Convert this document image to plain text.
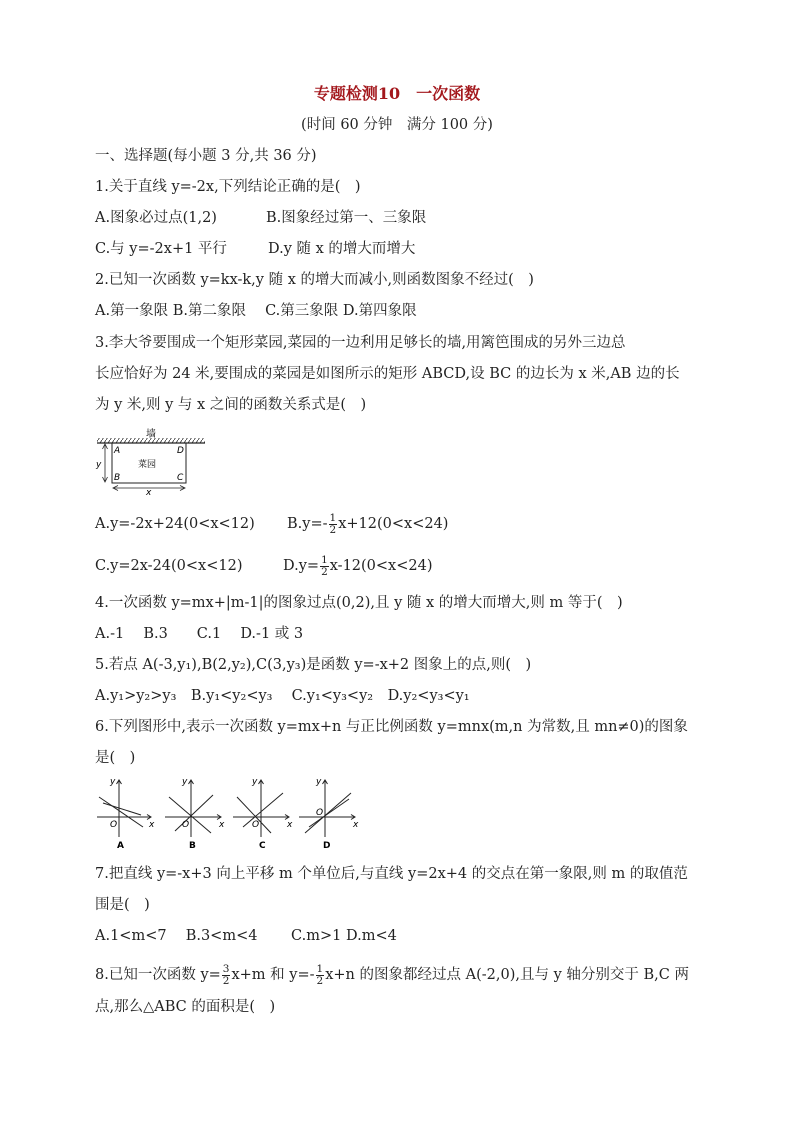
专题检测10　一次函数
(时间 60 分钟　满分 100 分)
一、选择题(每小题 3 分,共 36 分)
1.关于直线 y=-2x,下列结论正确的是(　)
A.图象必过点(1,2)	B.图象经过第一、三象限
C.与 y=-2x+1 平行	D.y 随 x 的增大而增大
2.已知一次函数 y=kx-k,y 随 x 的增大而减小,则函数图象不经过(　)
A.第一象限 B.第二象限　 C.第三象限 D.第四象限
3.李大爷要围成一个矩形菜园,菜园的一边利用足够长的墙,用篱笆围成的另外三边总
长应恰好为 24 米,要围成的菜园是如图所示的矩形 ABCD,设 BC 的边长为 x 米,AB 边的长
为 y 米,则 y 与 x 之间的函数关系式是(　)
墙
A
B	C
D
菜园
y
x
A.y=-2x+24(0<x<12) $B.y=- \frac{1}{2} x+12(0<x<24)$
C.y=2x-24(0<x<12)	$D.y= \frac{1}{2} x-12(0<x<24)$
4.一次函数 y=mx+|m-1|的图象过点(0,2),且 y 随 x 的增大而增大,则 m 等于(　)
A.-1　 B.3　　C.1　 D.-1 或 3
5.若点 A(-3,y₁),B(2,y₂),C(3,y₃)是函数 y=-x+2 图象上的点,则(　)
A.y₁>y₂>y₃　B.y₁<y₂<y₃　 C.y₁<y₃<y₂　D.y₂<y₃<y₁
6.下列图形中,表示一次函数 y=mx+n 与正比例函数 y=mnx(m,n 为常数,且 mn≠0)的图象
是(　)
x
y
O
A
x
y
O
B
x
y
O
C
x
y
O
D
7.把直线 y=-x+3 向上平移 m 个单位后,与直线 y=2x+4 的交点在第一象限,则 m 的取值范
围是(　)
A.1<m<7　 B.3<m<4　　 C.m>1 D.m<4
8.已知一次函数 $y= \frac{3}{2} x+m$ 和 $y=- \frac{1}{2} x+n$ 的图象都经过点 A(-2,0),且与 y 轴分别交于 B,C 两
点,那么△ABC 的面积是(　)
